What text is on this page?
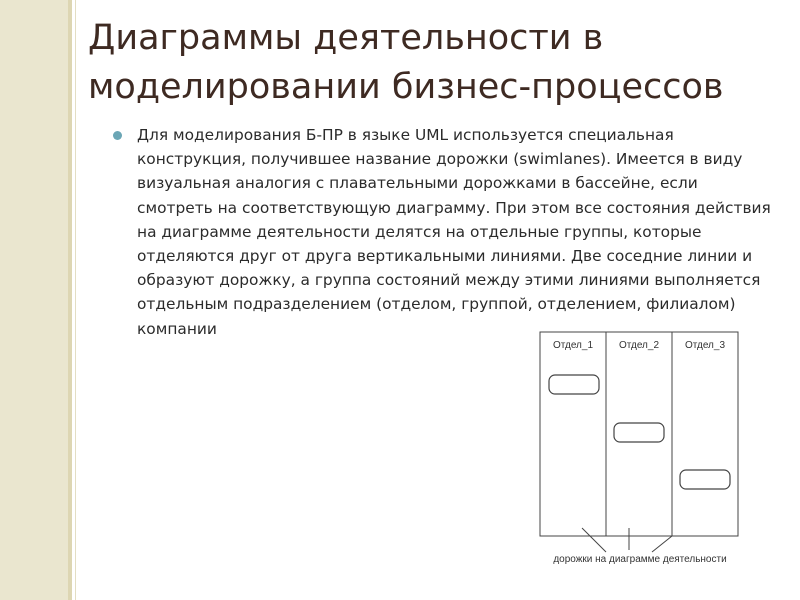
Диаграммы деятельности в
моделировании бизнес-процессов

Для моделирования Б-ПР в языке UML используется специальная конструкция, получившее название дорожки (swimlanes). Имеется в виду визуальная аналогия с плавательными дорожками в бассейне, если смотреть на соответствующую диаграмму. При этом все состояния действия на диаграмме деятельности делятся на отдельные группы, которые отделяются друг от друга вертикальными линиями. Две соседние линии и образуют дорожку, а группа состояний между этими линиями выполняется отдельным подразделением (отделом, группой, отделением, филиалом) компании

Отдел_1	Отдел_2	Отдел_3
дорожки на диаграмме деятельности
